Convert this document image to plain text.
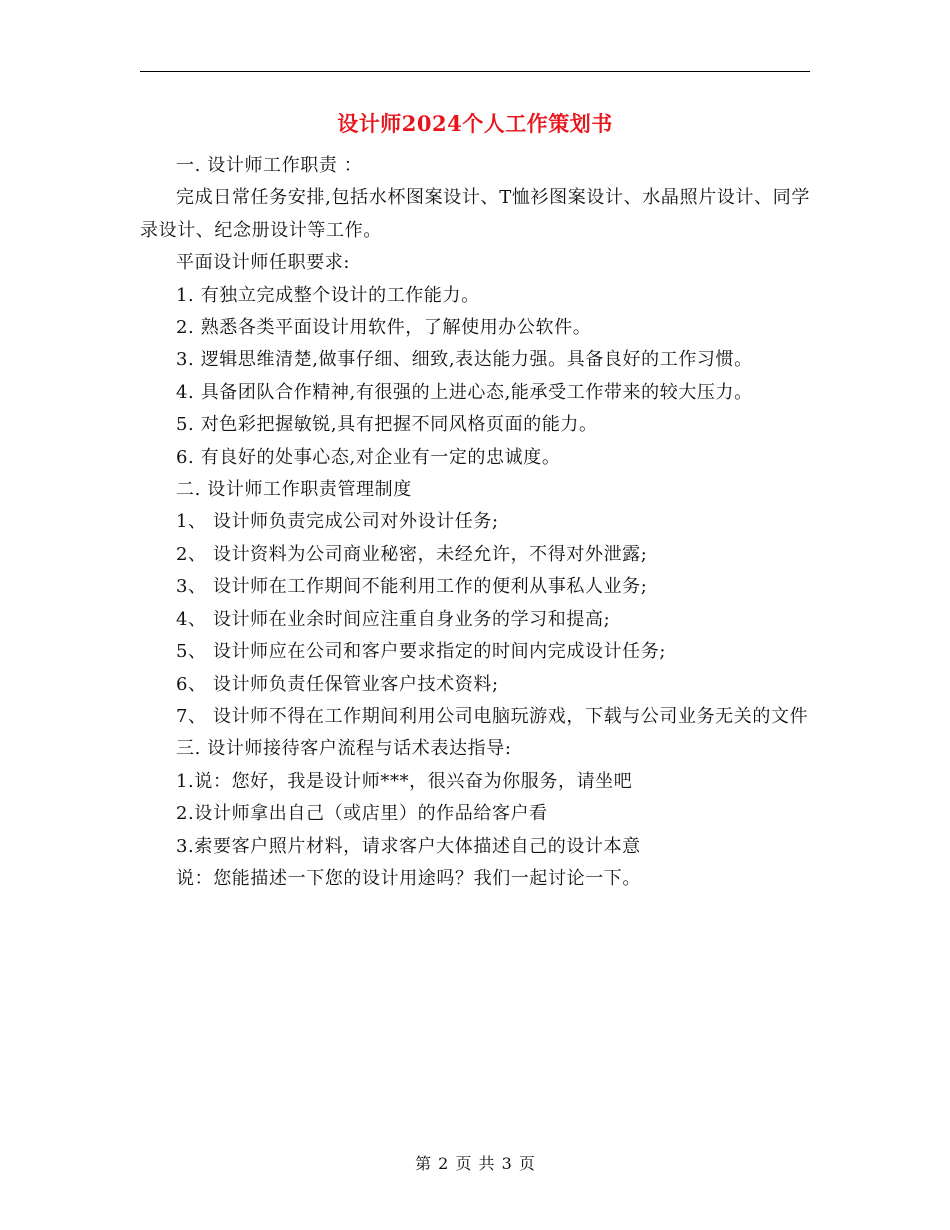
设计师2024个人工作策划书

一. 设计师工作职责 ：

完成日常任务安排,包括水杯图案设计、T恤衫图案设计、水晶照片设计、同学录设计、纪念册设计等工作。

平面设计师任职要求:

1. 有独立完成整个设计的工作能力。

2. 熟悉各类平面设计用软件，了解使用办公软件。

3. 逻辑思维清楚,做事仔细、细致,表达能力强。具备良好的工作习惯。

4. 具备团队合作精神,有很强的上进心态,能承受工作带来的较大压力。

5. 对色彩把握敏锐,具有把握不同风格页面的能力。

6. 有良好的处事心态,对企业有一定的忠诚度。

二. 设计师工作职责管理制度

1、 设计师负责完成公司对外设计任务;

2、 设计资料为公司商业秘密，未经允许，不得对外泄露;

3、 设计师在工作期间不能利用工作的便利从事私人业务;

4、 设计师在业余时间应注重自身业务的学习和提高;

5、 设计师应在公司和客户要求指定的时间内完成设计任务;

6、 设计师负责任保管业客户技术资料;

7、 设计师不得在工作期间利用公司电脑玩游戏，下载与公司业务无关的文件

三. 设计师接待客户流程与话术表达指导:

1.说：您好，我是设计师***，很兴奋为你服务，请坐吧

2.设计师拿出自己（或店里）的作品给客户看

3.索要客户照片材料，请求客户大体描述自己的设计本意

说：您能描述一下您的设计用途吗？我们一起讨论一下。

第 2 页 共 3 页
